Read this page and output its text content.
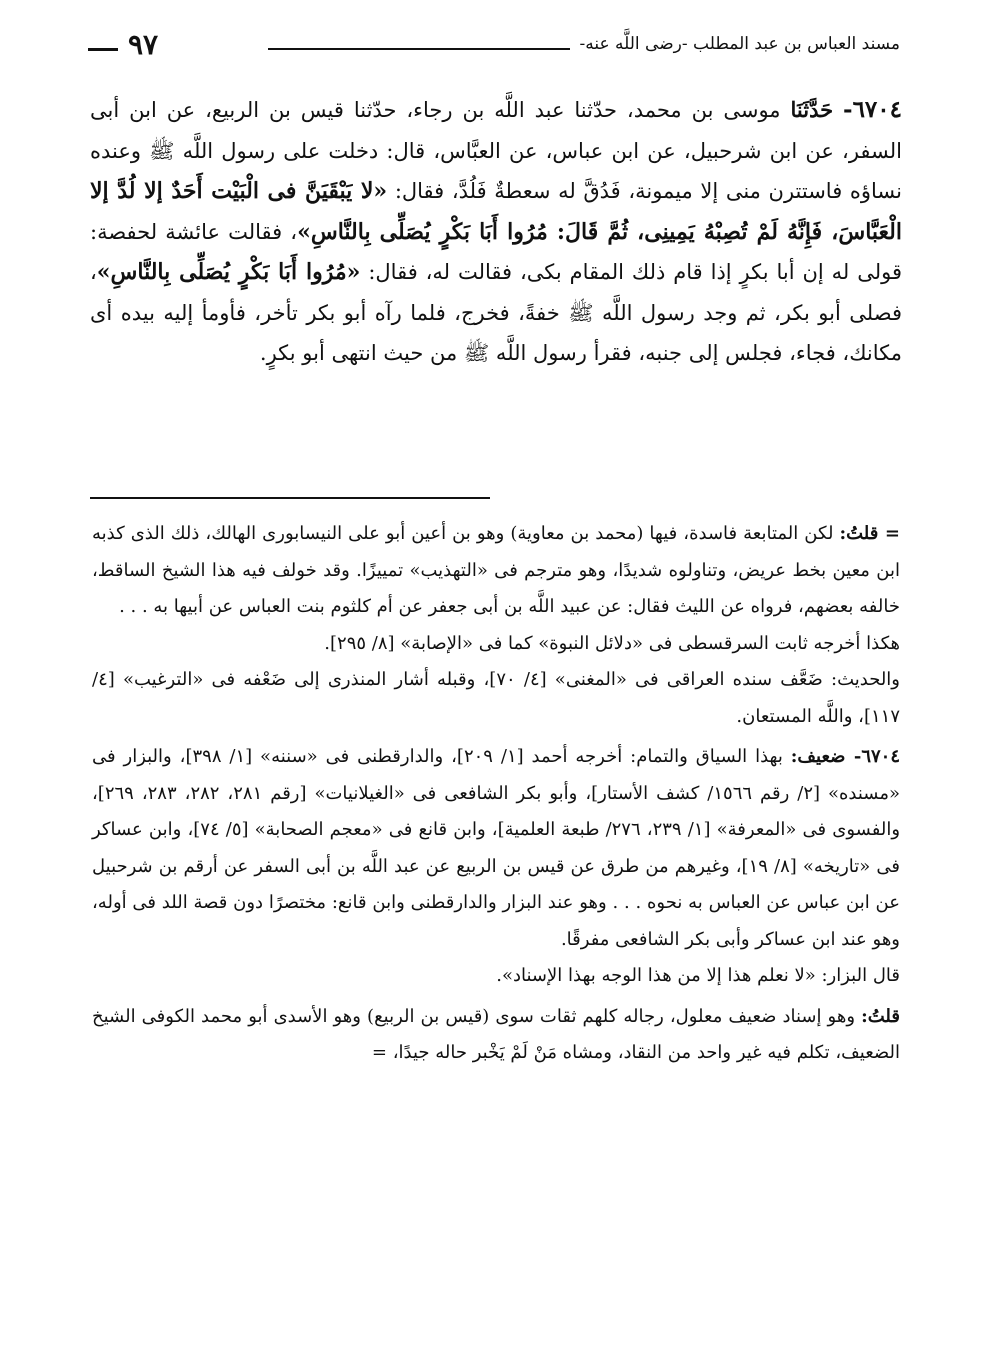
مسند العباس بن عبد المطلب -رضى اللَّه عنه-
٩٧

٦٧٠٤- حَدَّثَنَا موسى بن محمد، حدّثنا عبد اللَّه بن رجاء، حدّثنا قيس بن الربيع، عن ابن أبى السفر، عن ابن شرحبيل، عن ابن عباس، عن العبَّاس، قال: دخلت على رسول اللَّه ﷺ وعنده نساؤه فاستترن منى إلا ميمونة، فَدُقَّ له سعطةٌ فَلُدَّ، فقال: «لا يَبْقَيَنَّ فى الْبَيْت أَحَدٌ إلا لُدَّ إلا الْعَبَّاسَ، فَإِنَّهُ لَمْ تُصِبْهُ يَمِينِى، ثُمَّ قَالَ: مُرُوا أَبَا بَكْرٍ يُصَلِّى بِالنَّاسِ»، فقالت عائشة لحفصة: قولى له إن أبا بكرٍ إذا قام ذلك المقام بكى، فقالت له، فقال: «مُرُوا أَبَا بَكْرٍ يُصَلِّى بِالنَّاسِ»، فصلى أبو بكر، ثم وجد رسول اللَّه ﷺ خفةً، فخرج، فلما رآه أبو بكر تأخر، فأومأ إليه بيده أى مكانك، فجاء، فجلس إلى جنبه، فقرأ رسول اللَّه ﷺ من حيث انتهى أبو بكرٍ.

= قلتُ: لكن المتابعة فاسدة، فيها (محمد بن معاوية) وهو بن أعين أبو على النيسابورى الهالك، ذلك الذى كذبه ابن معين بخط عريض، وتناولوه شديدًا، وهو مترجم فى «التهذيب» تمييزًا. وقد خولف فيه هذا الشيخ الساقط، خالفه بعضهم، فرواه عن الليث فقال: عن عبيد اللَّه بن أبى جعفر عن أم كلثوم بنت العباس عن أبيها به . . .

هكذا أخرجه ثابت السرقسطى فى «دلائل النبوة» كما فى «الإصابة» [٨/ ٢٩٥].

والحديث: ضَعَّف سنده العراقى فى «المغنى» [٤/ ٧٠]، وقبله أشار المنذرى إلى ضَعْفه فى «الترغيب» [٤/ ١١٧]، واللَّه المستعان.

٦٧٠٤- ضعيف: بهذا السياق والتمام: أخرجه أحمد [١/ ٢٠٩]، والدارقطنى فى «سننه» [١/ ٣٩٨]، والبزار فى «مسنده» [٢/ رقم ١٥٦٦/ كشف الأستار]، وأبو بكر الشافعى فى «الغيلانيات» [رقم ٢٨١، ٢٨٢، ٢٨٣، ٢٦٩]، والفسوى فى «المعرفة» [١/ ٢٣٩، ٢٧٦/ طبعة العلمية]، وابن قانع فى «معجم الصحابة» [٥/ ٧٤]، وابن عساكر فى «تاريخه» [٨/ ١٩]، وغيرهم من طرق عن قيس بن الربيع عن عبد اللَّه بن أبى السفر عن أرقم بن شرحبيل عن ابن عباس عن العباس به نحوه . . . وهو عند البزار والدارقطنى وابن قانع: مختصرًا دون قصة اللد فى أوله، وهو عند ابن عساكر وأبى بكر الشافعى مفرقًا.

قال البزار: «لا نعلم هذا إلا من هذا الوجه بهذا الإسناد».

قلتُ: وهو إسناد ضعيف معلول، رجاله كلهم ثقات سوى (قيس بن الربيع) وهو الأسدى أبو محمد الكوفى الشيخ الضعيف، تكلم فيه غير واحد من النقاد، ومشاه مَنْ لَمْ يَخْبر حاله جيدًا، =
